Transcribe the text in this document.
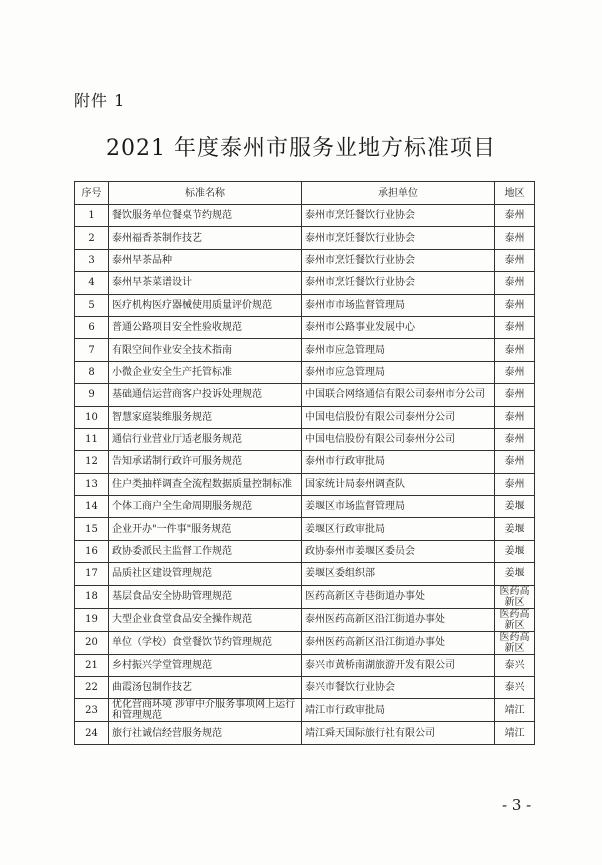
附件 1
2021 年度泰州市服务业地方标准项目
序号	标准名称	承担单位	地区
1	餐饮服务单位餐桌节约规范	泰州市烹饪餐饮行业协会	泰州
2	泰州福香茶制作技艺	泰州市烹饪餐饮行业协会	泰州
3	泰州早茶品种	泰州市烹饪餐饮行业协会	泰州
4	泰州早茶菜谱设计	泰州市烹饪餐饮行业协会	泰州
5	医疗机构医疗器械使用质量评价规范	泰州市市场监督管理局	泰州
6	普通公路项目安全性验收规范	泰州市公路事业发展中心	泰州
7	有限空间作业安全技术指南	泰州市应急管理局	泰州
8	小微企业安全生产托管标准	泰州市应急管理局	泰州
9	基础通信运营商客户投诉处理规范	中国联合网络通信有限公司泰州市分公司	泰州
10	智慧家庭装维服务规范	中国电信股份有限公司泰州分公司	泰州
11	通信行业营业厅适老服务规范	中国电信股份有限公司泰州分公司	泰州
12	告知承诺制行政许可服务规范	泰州市行政审批局	泰州
13	住户类抽样调查全流程数据质量控制标准	国家统计局泰州调查队	泰州
14	个体工商户全生命周期服务规范	姜堰区市场监督管理局	姜堰
15	企业开办"一件事"服务规范	姜堰区行政审批局	姜堰
16	政协委派民主监督工作规范	政协泰州市姜堰区委员会	姜堰
17	品质社区建设管理规范	姜堰区委组织部	姜堰
18	基层食品安全协助管理规范	医药高新区寺巷街道办事处	医药高新区
19	大型企业食堂食品安全操作规范	泰州医药高新区沿江街道办事处	医药高新区
20	单位（学校）食堂餐饮节约管理规范	泰州医药高新区沿江街道办事处	医药高新区
21	乡村振兴学堂管理规范	泰兴市黄桥南湖旅游开发有限公司	泰兴
22	曲霞汤包制作技艺	泰兴市餐饮行业协会	泰兴
23	优化营商环境 涉审中介服务事项网上运行和管理规范	靖江市行政审批局	靖江
24	旅行社诚信经营服务规范	靖江舜天国际旅行社有限公司	靖江
- 3 -
